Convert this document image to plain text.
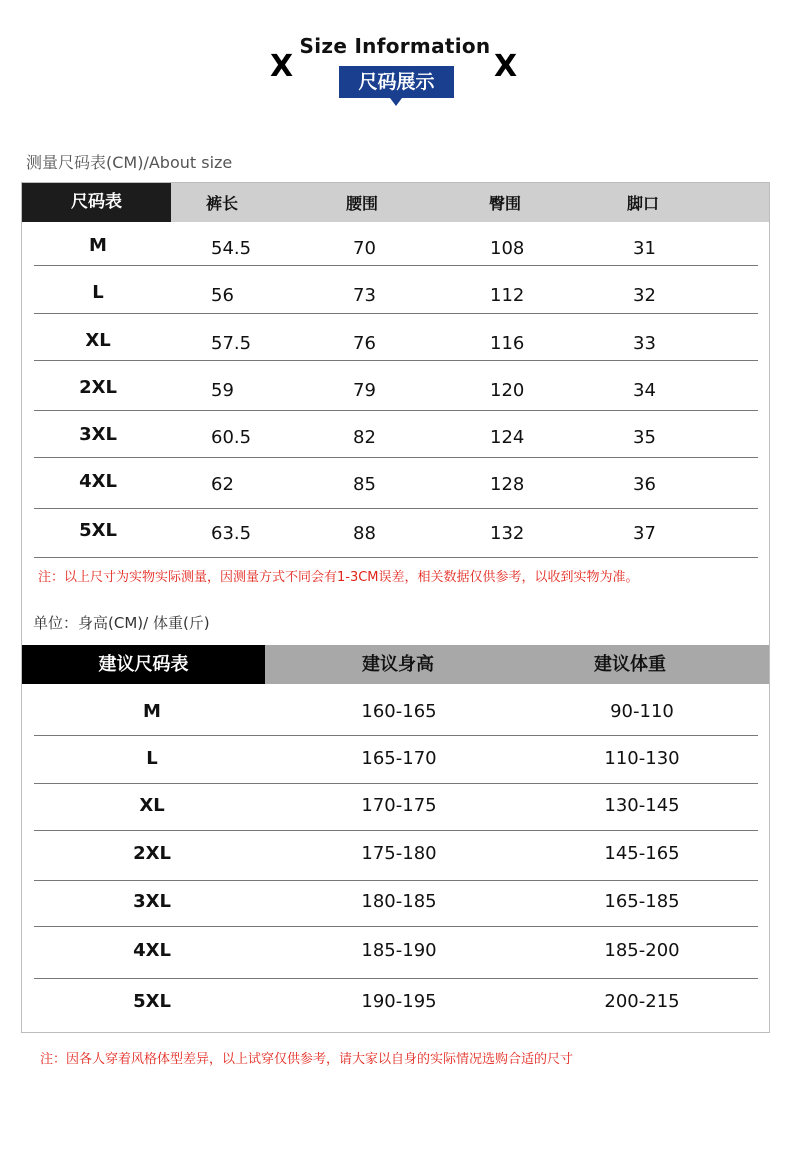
Size Information
X	X
尺码展示
测量尺码表(CM)/About size
尺码表	裤长	腰围	臀围	脚口
M	54.5	70	108	31
L	56	73	112	32
XL	57.5	76	116	33
2XL	59	79	120	34
3XL	60.5	82	124	35
4XL	62	85	128	36
5XL	63.5	88	132	37
注：以上尺寸为实物实际测量，因测量方式不同会有1-3CM误差，相关数据仅供参考，以收到实物为准。
单位：身高(CM)/ 体重(斤)
建议尺码表	建议身高	建议体重
M	160-165	90-110
L	165-170	110-130
XL	170-175	130-145
2XL	175-180	145-165
3XL	180-185	165-185
4XL	185-190	185-200
5XL	190-195	200-215
注：因各人穿着风格体型差异，以上试穿仅供参考，请大家以自身的实际情况选购合适的尺寸
